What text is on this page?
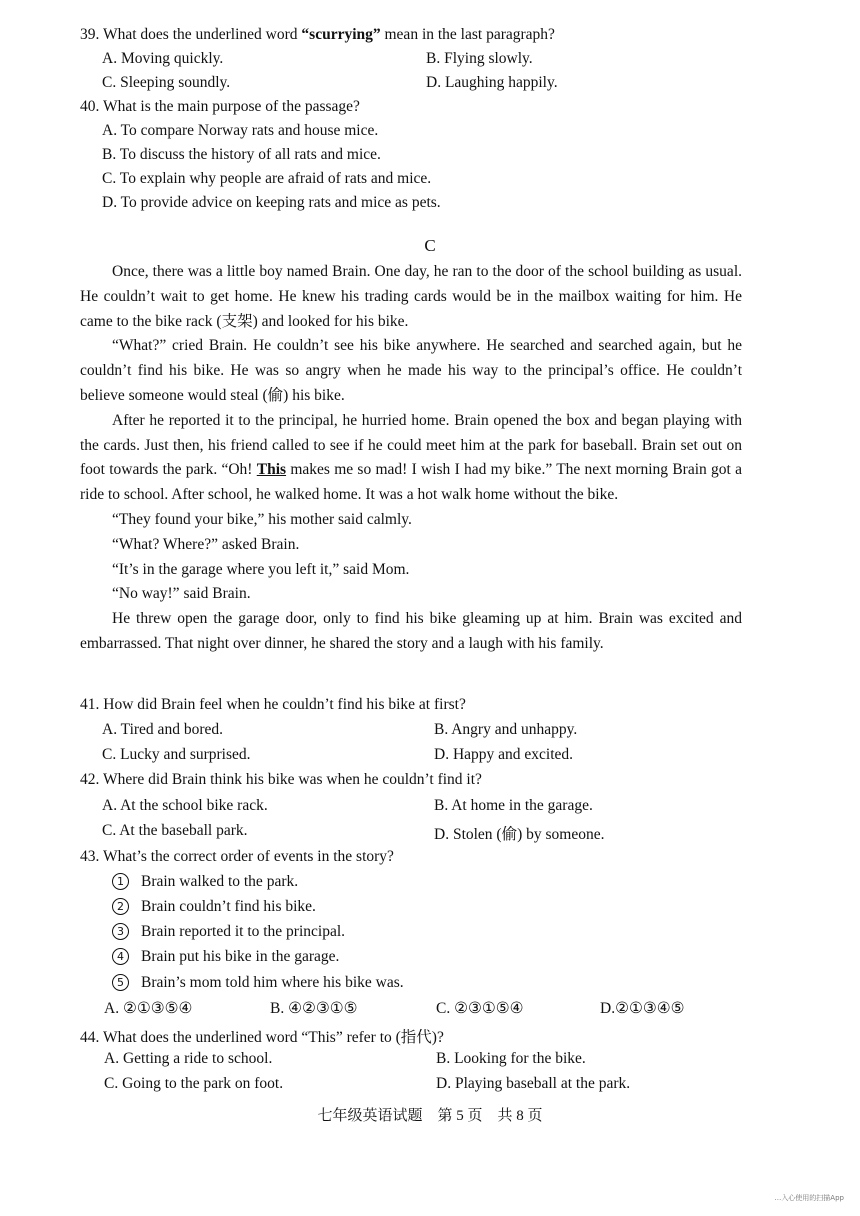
39. What does the underlined word “scurrying” mean in the last paragraph?
A. Moving quickly.	B. Flying slowly.
C. Sleeping soundly.	D. Laughing happily.
40. What is the main purpose of the passage?
A. To compare Norway rats and house mice.
B. To discuss the history of all rats and mice.
C. To explain why people are afraid of rats and mice.
D. To provide advice on keeping rats and mice as pets.
C

Once, there was a little boy named Brain. One day, he ran to the door of the school building as usual. He couldn’t wait to get home. He knew his trading cards would be in the mailbox waiting for him. He came to the bike rack (支架) and looked for his bike.

“What?” cried Brain. He couldn’t see his bike anywhere. He searched and searched again, but he couldn’t find his bike. He was so angry when he made his way to the principal’s office. He couldn’t believe someone would steal (偷) his bike.

After he reported it to the principal, he hurried home. Brain opened the box and began playing with the cards. Just then, his friend called to see if he could meet him at the park for baseball. Brain set out on foot towards the park. “Oh! This makes me so mad! I wish I had my bike.” The next morning Brain got a ride to school. After school, he walked home. It was a hot walk home without the bike.

“They found your bike,” his mother said calmly.

“What? Where?” asked Brain.

“It’s in the garage where you left it,” said Mom.

“No way!” said Brain.

He threw open the garage door, only to find his bike gleaming up at him. Brain was excited and embarrassed. That night over dinner, he shared the story and a laugh with his family.

41. How did Brain feel when he couldn’t find his bike at first?
A. Tired and bored.	B. Angry and unhappy.
C. Lucky and surprised.	D. Happy and excited.
42. Where did Brain think his bike was when he couldn’t find it?
A. At the school bike rack.	B. At home in the garage.
C. At the baseball park.	D. Stolen (偷) by someone.
43. What’s the correct order of events in the story?
1 Brain walked to the park.
2 Brain couldn’t find his bike.
3 Brain reported it to the principal.
4 Brain put his bike in the garage.
5 Brain’s mom told him where his bike was.
A. ②①③⑤④	B. ④②③①⑤	C. ②③①⑤④	D.②①③④⑤
44. What does the underlined word “This” refer to (指代)?
A. Getting a ride to school.	B. Looking for the bike.
C. Going to the park on foot.	D. Playing baseball at the park.
七年级英语试题    第 5 页    共 8 页
…入心使用的扫描App
